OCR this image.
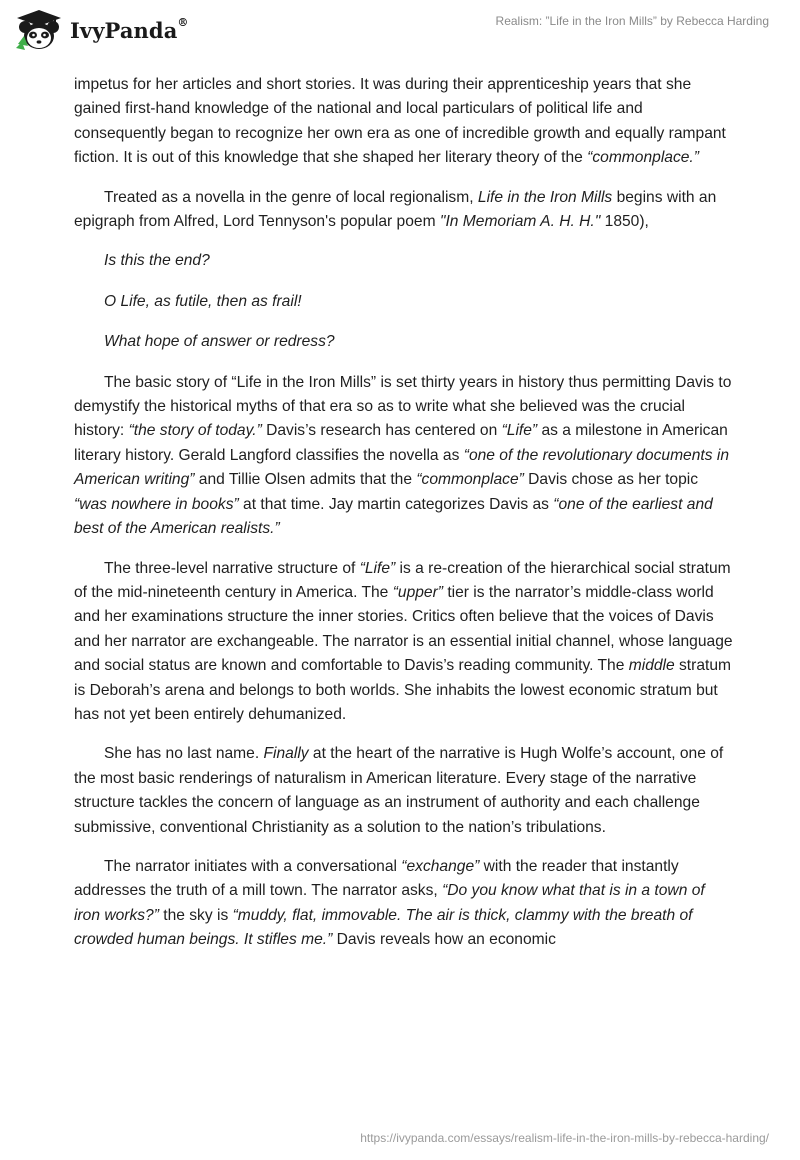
IvyPanda®	Realism: ”Life in the Iron Mills” by Rebecca Harding

impetus for her articles and short stories. It was during their apprenticeship years that she gained first-hand knowledge of the national and local particulars of political life and consequently began to recognize her own era as one of incredible growth and equally rampant fiction. It is out of this knowledge that she shaped her literary theory of the “commonplace.”

Treated as a novella in the genre of local regionalism, Life in the Iron Mills begins with an epigraph from Alfred, Lord Tennyson's popular poem "In Memoriam A. H. H." 1850),

Is this the end?

O Life, as futile, then as frail!

What hope of answer or redress?

The basic story of “Life in the Iron Mills” is set thirty years in history thus permitting Davis to demystify the historical myths of that era so as to write what she believed was the crucial history: “the story of today.” Davis’s research has centered on “Life” as a milestone in American literary history. Gerald Langford classifies the novella as “one of the revolutionary documents in American writing” and Tillie Olsen admits that the “commonplace” Davis chose as her topic “was nowhere in books” at that time. Jay martin categorizes Davis as “one of the earliest and best of the American realists.”

The three-level narrative structure of “Life” is a re-creation of the hierarchical social stratum of the mid-nineteenth century in America. The “upper” tier is the narrator’s middle-class world and her examinations structure the inner stories. Critics often believe that the voices of Davis and her narrator are exchangeable. The narrator is an essential initial channel, whose language and social status are known and comfortable to Davis’s reading community. The middle stratum is Deborah’s arena and belongs to both worlds. She inhabits the lowest economic stratum but has not yet been entirely dehumanized.

She has no last name. Finally at the heart of the narrative is Hugh Wolfe’s account, one of the most basic renderings of naturalism in American literature. Every stage of the narrative structure tackles the concern of language as an instrument of authority and each challenge submissive, conventional Christianity as a solution to the nation’s tribulations.

The narrator initiates with a conversational “exchange” with the reader that instantly addresses the truth of a mill town. The narrator asks, “Do you know what that is in a town of iron works?” the sky is “muddy, flat, immovable. The air is thick, clammy with the breath of crowded human beings. It stifles me.” Davis reveals how an economic

https://ivypanda.com/essays/realism-life-in-the-iron-mills-by-rebecca-harding/
